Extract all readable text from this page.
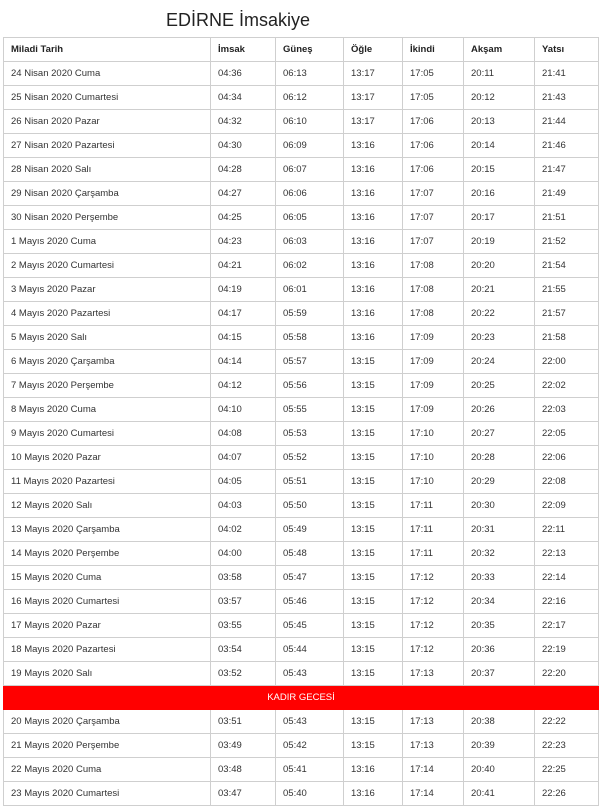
EDİRNE İmsakiye
Miladi Tarih	İmsak	Güneş	Öğle	İkindi	Akşam	Yatsı
24 Nisan 2020 Cuma	04:36	06:13	13:17	17:05	20:11	21:41
25 Nisan 2020 Cumartesi	04:34	06:12	13:17	17:05	20:12	21:43
26 Nisan 2020 Pazar	04:32	06:10	13:17	17:06	20:13	21:44
27 Nisan 2020 Pazartesi	04:30	06:09	13:16	17:06	20:14	21:46
28 Nisan 2020 Salı	04:28	06:07	13:16	17:06	20:15	21:47
29 Nisan 2020 Çarşamba	04:27	06:06	13:16	17:07	20:16	21:49
30 Nisan 2020 Perşembe	04:25	06:05	13:16	17:07	20:17	21:51
1 Mayıs 2020 Cuma	04:23	06:03	13:16	17:07	20:19	21:52
2 Mayıs 2020 Cumartesi	04:21	06:02	13:16	17:08	20:20	21:54
3 Mayıs 2020 Pazar	04:19	06:01	13:16	17:08	20:21	21:55
4 Mayıs 2020 Pazartesi	04:17	05:59	13:16	17:08	20:22	21:57
5 Mayıs 2020 Salı	04:15	05:58	13:16	17:09	20:23	21:58
6 Mayıs 2020 Çarşamba	04:14	05:57	13:15	17:09	20:24	22:00
7 Mayıs 2020 Perşembe	04:12	05:56	13:15	17:09	20:25	22:02
8 Mayıs 2020 Cuma	04:10	05:55	13:15	17:09	20:26	22:03
9 Mayıs 2020 Cumartesi	04:08	05:53	13:15	17:10	20:27	22:05
10 Mayıs 2020 Pazar	04:07	05:52	13:15	17:10	20:28	22:06
11 Mayıs 2020 Pazartesi	04:05	05:51	13:15	17:10	20:29	22:08
12 Mayıs 2020 Salı	04:03	05:50	13:15	17:11	20:30	22:09
13 Mayıs 2020 Çarşamba	04:02	05:49	13:15	17:11	20:31	22:11
14 Mayıs 2020 Perşembe	04:00	05:48	13:15	17:11	20:32	22:13
15 Mayıs 2020 Cuma	03:58	05:47	13:15	17:12	20:33	22:14
16 Mayıs 2020 Cumartesi	03:57	05:46	13:15	17:12	20:34	22:16
17 Mayıs 2020 Pazar	03:55	05:45	13:15	17:12	20:35	22:17
18 Mayıs 2020 Pazartesi	03:54	05:44	13:15	17:12	20:36	22:19
19 Mayıs 2020 Salı	03:52	05:43	13:15	17:13	20:37	22:20
KADIR GECESİ						
20 Mayıs 2020 Çarşamba	03:51	05:43	13:15	17:13	20:38	22:22
21 Mayıs 2020 Perşembe	03:49	05:42	13:15	17:13	20:39	22:23
22 Mayıs 2020 Cuma	03:48	05:41	13:16	17:14	20:40	22:25
23 Mayıs 2020 Cumartesi	03:47	05:40	13:16	17:14	20:41	22:26
